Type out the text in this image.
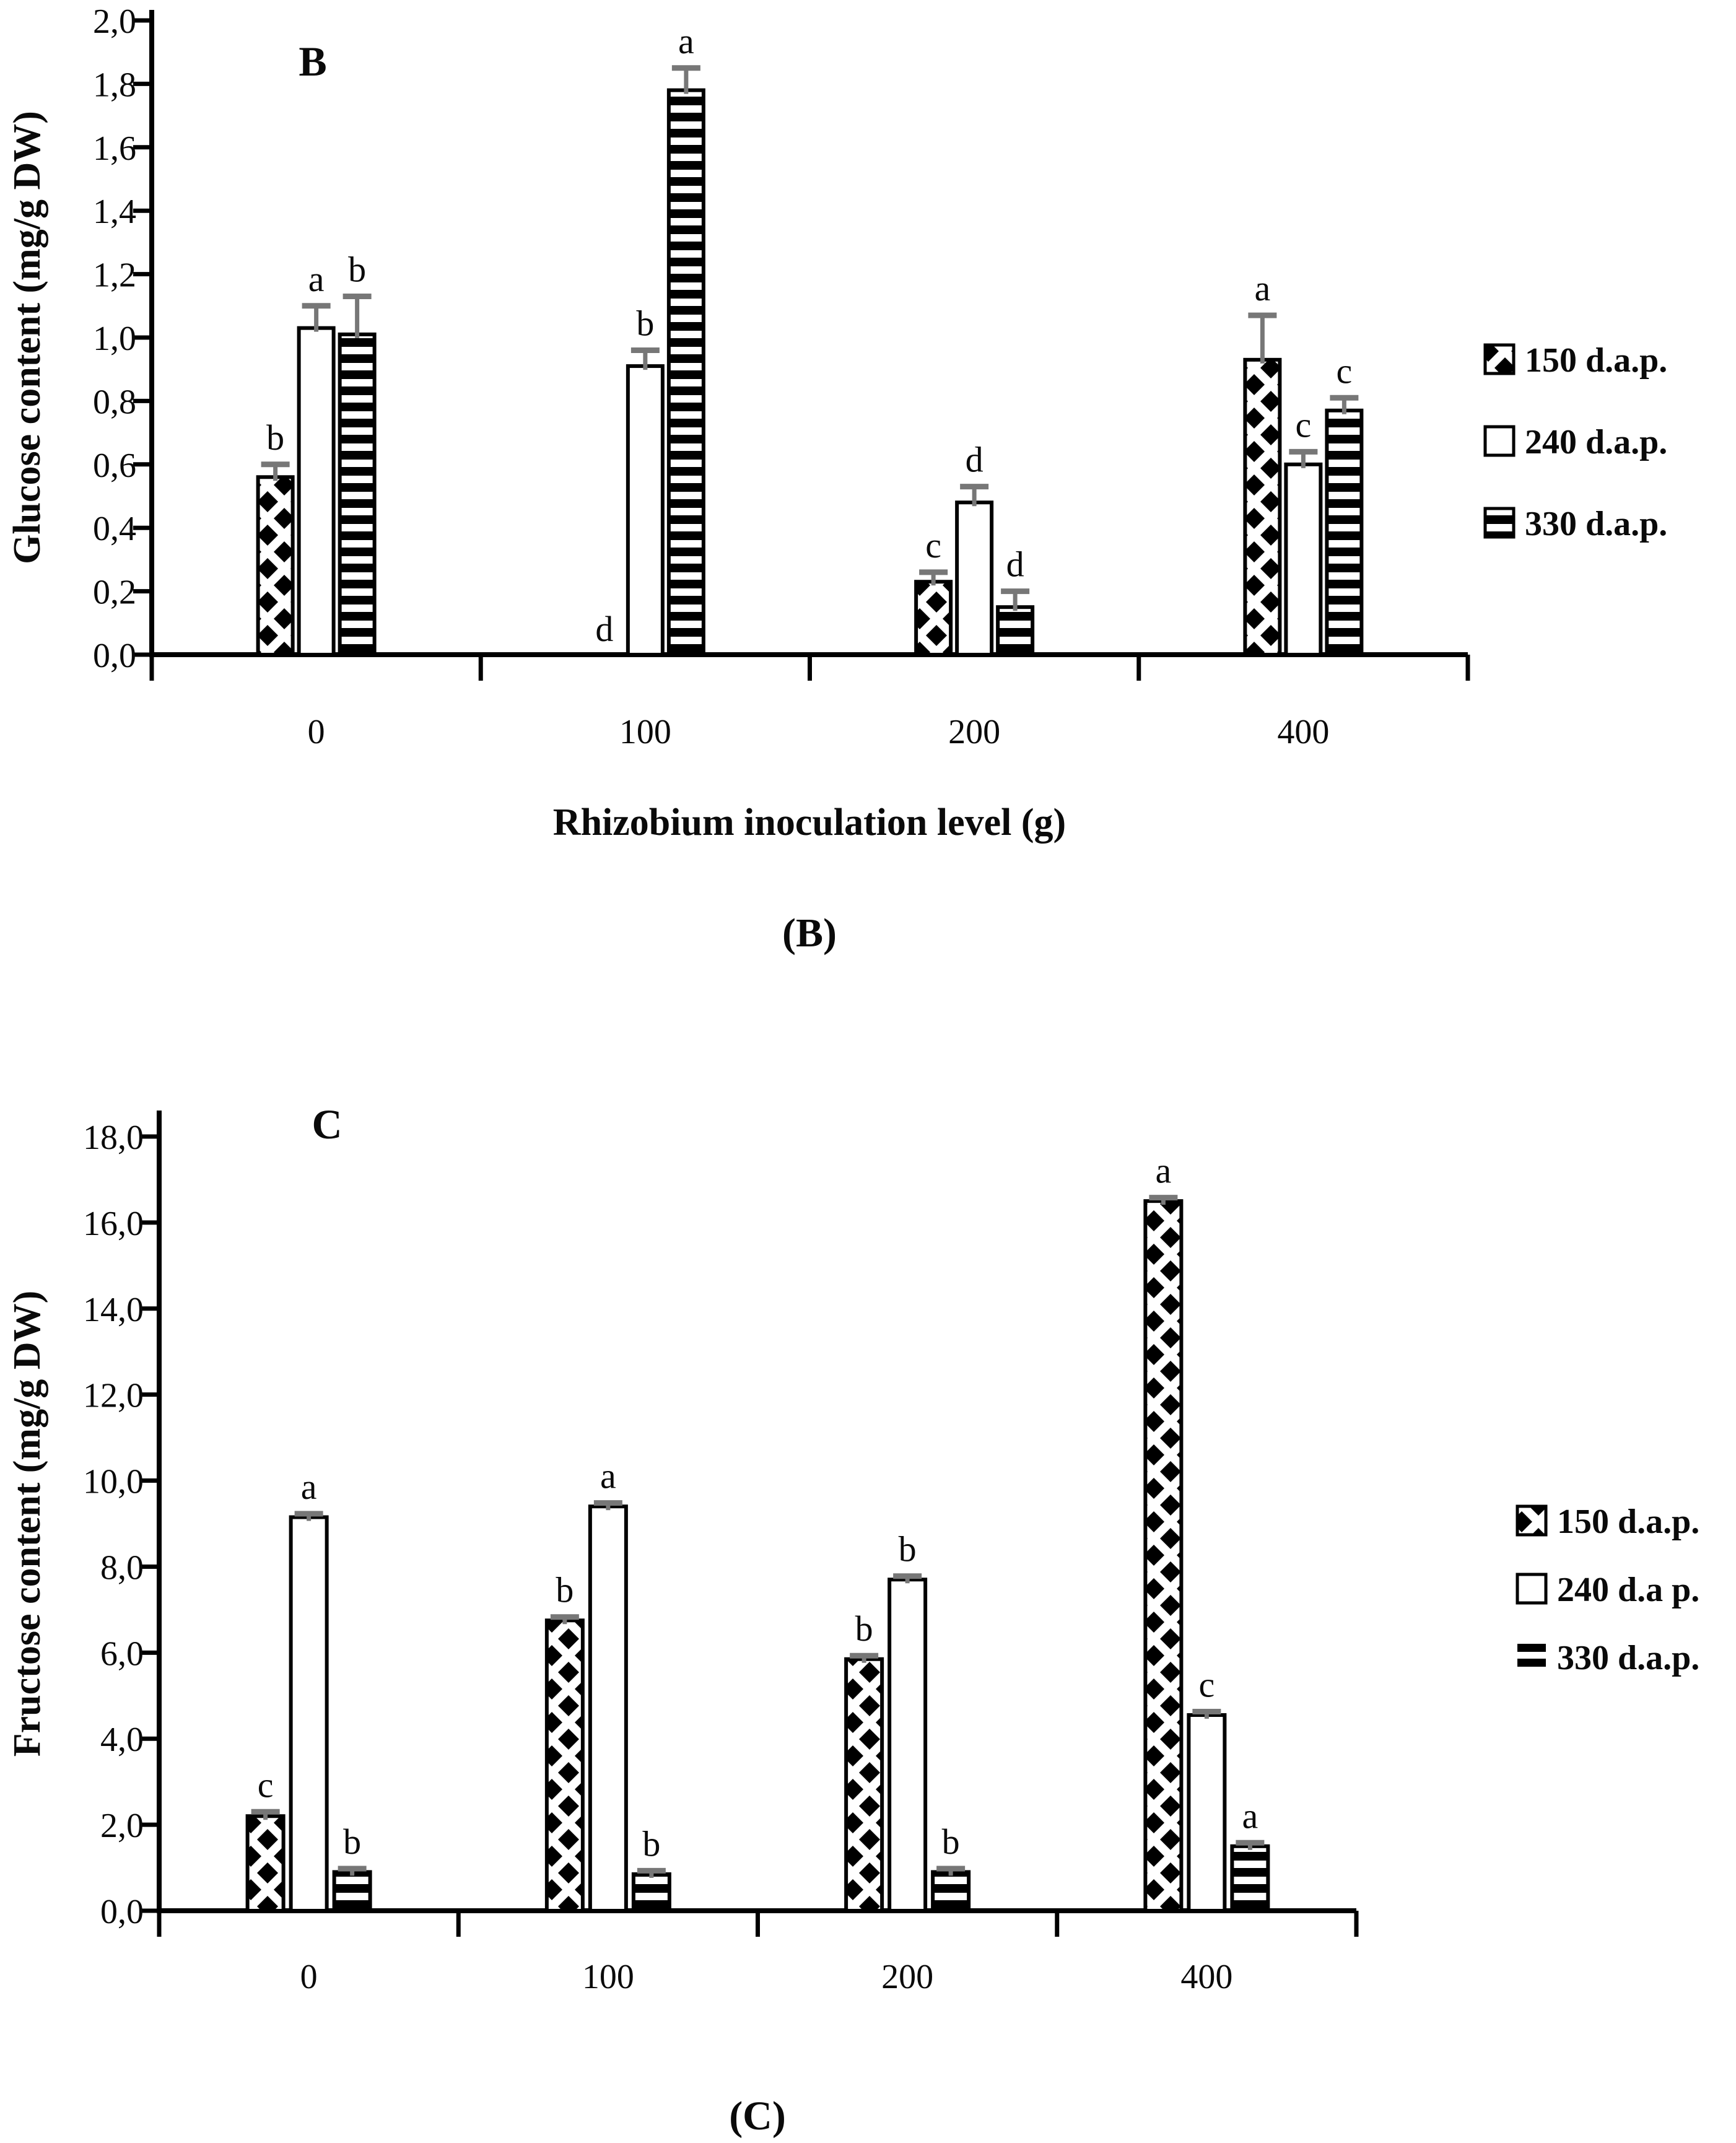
0,0
0,2
0,4
0,6
0,8
1,0
1,2
1,4
1,6
1,8
2,0
0	100	200	400
b
d
c
a
a
b
d
c
b
a
d
c	150 d.a.p.
240 d.a.p.
330 d.a.p.
B
Glucose content (mg/g DW)
Rhizobium inoculation level (g)
(B)
0,0
2,0
4,0
6,0
8,0
10,0
12,0
14,0
16,0
18,0
0	100	200	400
c
b
b
a
a	a
b
c
b	b	b
a
150 d.a.p.
240 d.a p.
330 d.a.p.
C
Fructose content (mg/g DW)
(C)
